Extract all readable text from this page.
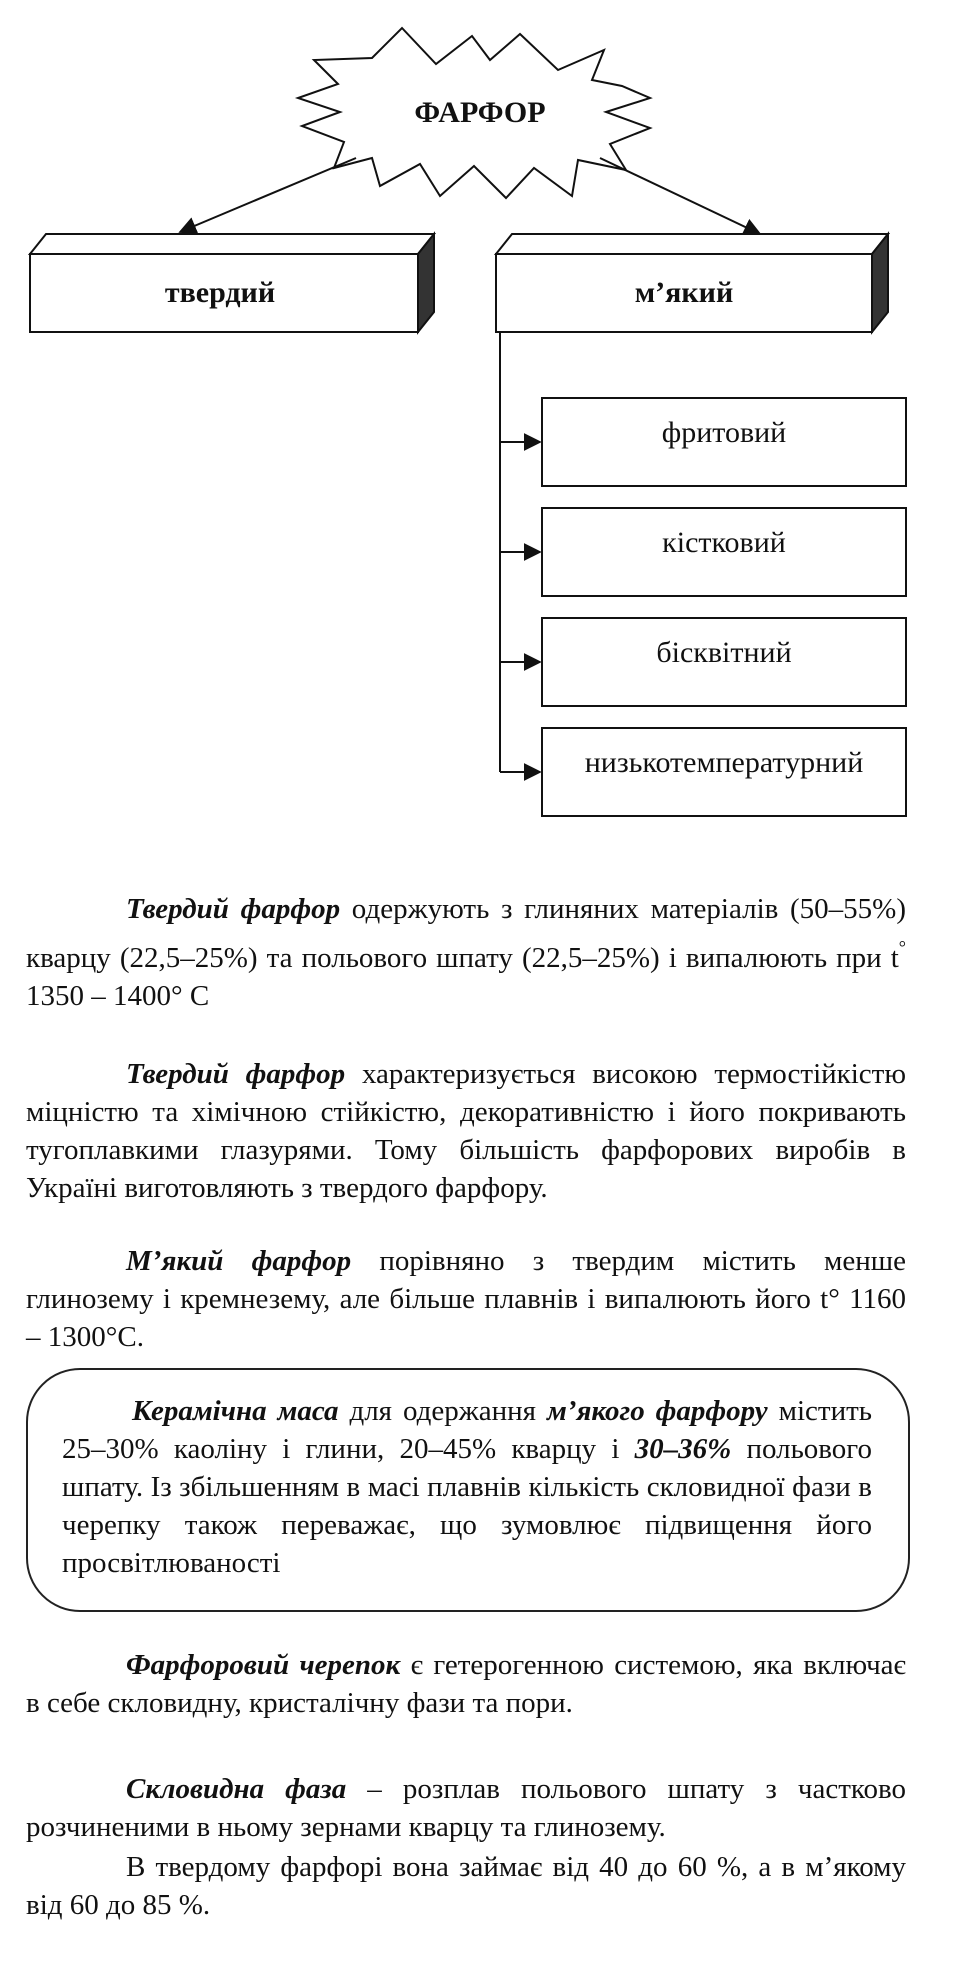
ФАРФОР
твердий	м’який
фритовий
кістковий
бісквітний
низькотемпературний

Твердий фарфор одержують з глиняних матеріалів (50–55%) кварцу (22,5–25%) та польового шпату (22,5–25%) і випалюють при t° 1350 – 1400° C

Твердий фарфор характеризується високою термостійкістю міцністю та хімічною стійкістю, декоративністю і його покривають тугоплавкими глазурями. Тому більшість фарфорових виробів в Україні виготовляють з твердого фарфору.

М’який фарфор порівняно з твердим містить менше глинозему і кремнезему, але більше плавнів і випалюють його t° 1160 – 1300°C.

Керамічна маса для одержання м’якого фарфору містить 25–30% каоліну і глини, 20–45% кварцу і 30–36% польового шпату. Із збільшенням в масі плавнів кількість скловидної фази в черепку також переважає, що зумовлює підвищення його просвітлюваності

Фарфоровий черепок є гетерогенною системою, яка включає в себе скловидну, кристалічну фази та пори.

Скловидна фаза – розплав польового шпату з частково розчиненими в ньому зернами кварцу та глинозему.

В твердому фарфорі вона займає від 40 до 60 %, а в м’якому від 60 до 85 %.
